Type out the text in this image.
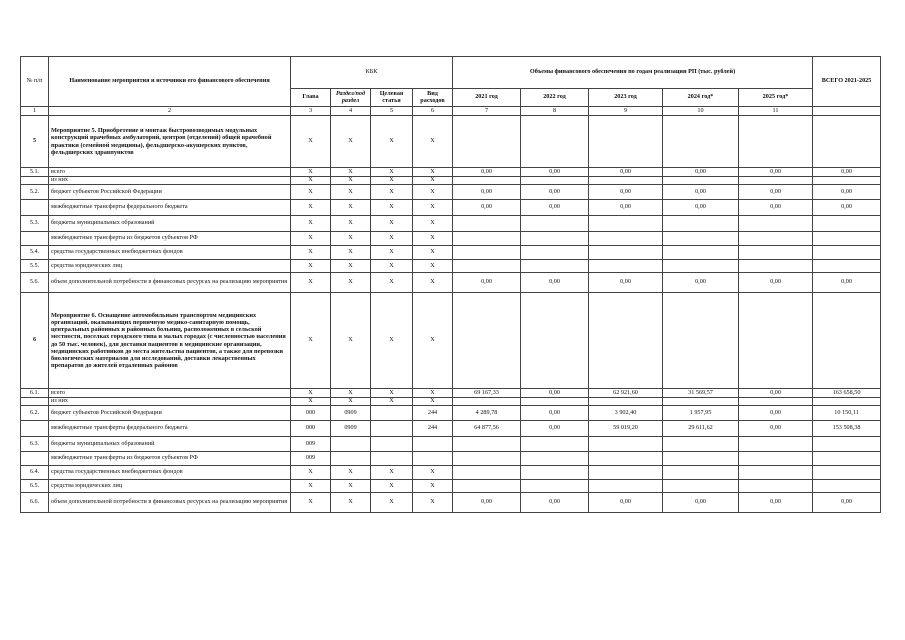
№ п/п	Наименование мероприятия и источники его финансового обеспечения	КБК				Объемы финансового обеспечения по годам реализации РП (тыс. рублей)					ВСЕГО 2021-2025
		Глава	Раздел/под раздел	Целевая статья	Вид расходов	2021 год	2022 год	2023 год	2024 год*	2025 год*	
1	2	3	4	5	6	7	8	9	10	11	
5	Мероприятие 5. Приобретение и монтаж быстровозводимых модульных конструкций врачебных амбулаторий, центров (отделений) общей врачебной практики (семейной медицины), фельдшерско-акушерских пунктов, фельдшерских здравпунктов	X	X	X	X						
5.1.	всего	X	X	X	X	0,00	0,00	0,00	0,00	0,00	0,00
	из них	X	X	X	X						
5.2.	бюджет субъектов Российской Федерации	X	X	X	X	0,00	0,00	0,00	0,00	0,00	0,00
	межбюджетные трансферты федерального бюджета	X	X	X	X	0,00	0,00	0,00	0,00	0,00	0,00
5.3.	бюджеты муниципальных образований	X	X	X	X						
	межбюджетные трансферты из бюджетов субъектов РФ	X	X	X	X						
5.4.	средства государственных внебюджетных фондов	X	X	X	X						
5.5.	средства юридических лиц	X	X	X	X						
5.6.	объем дополнительной потребности в финансовых ресурсах на реализацию мероприятия	X	X	X	X	0,00	0,00	0,00	0,00	0,00	0,00
6	Мероприятие 6. Оснащение автомобильным транспортом медицинских организаций, оказывающих первичную медико-санитарную помощь, центральных районных и районных больниц, расположенных в сельской местности, поселках городского типа и малых городах (с численностью населения до 50 тыс. человек), для доставки пациентов в медицинские организации, медицинских работников до места жительства пациентов, а также для перевозки биологических материалов для исследований, доставки лекарственных препаратов до жителей отдаленных районов	X	X	X	X						
6.1.	всего	X	X	X	X	69 167,33	0,00	62 921,60	31 569,57	0,00	163 658,50
	из них	X	X	X	X						
6.2.	бюджет субъектов Российской Федерации	000	0909		244	4 289,78	0,00	3 902,40	1 957,95	0,00	10 150,11
	межбюджетные трансферты федерального бюджета	000	0909		244	64 877,56	0,00	59 019,20	29 611,62	0,00	153 508,38
6.3.	бюджеты муниципальных образований	009									
	межбюджетные трансферты из бюджетов субъектов РФ	009									
6.4.	средства государственных внебюджетных фондов	X	X	X	X						
6.5.	средства юридических лиц	X	X	X	X						
6.6.	объем дополнительной потребности в финансовых ресурсах на реализацию мероприятия	X	X	X	X	0,00	0,00	0,00	0,00	0,00	0,00
